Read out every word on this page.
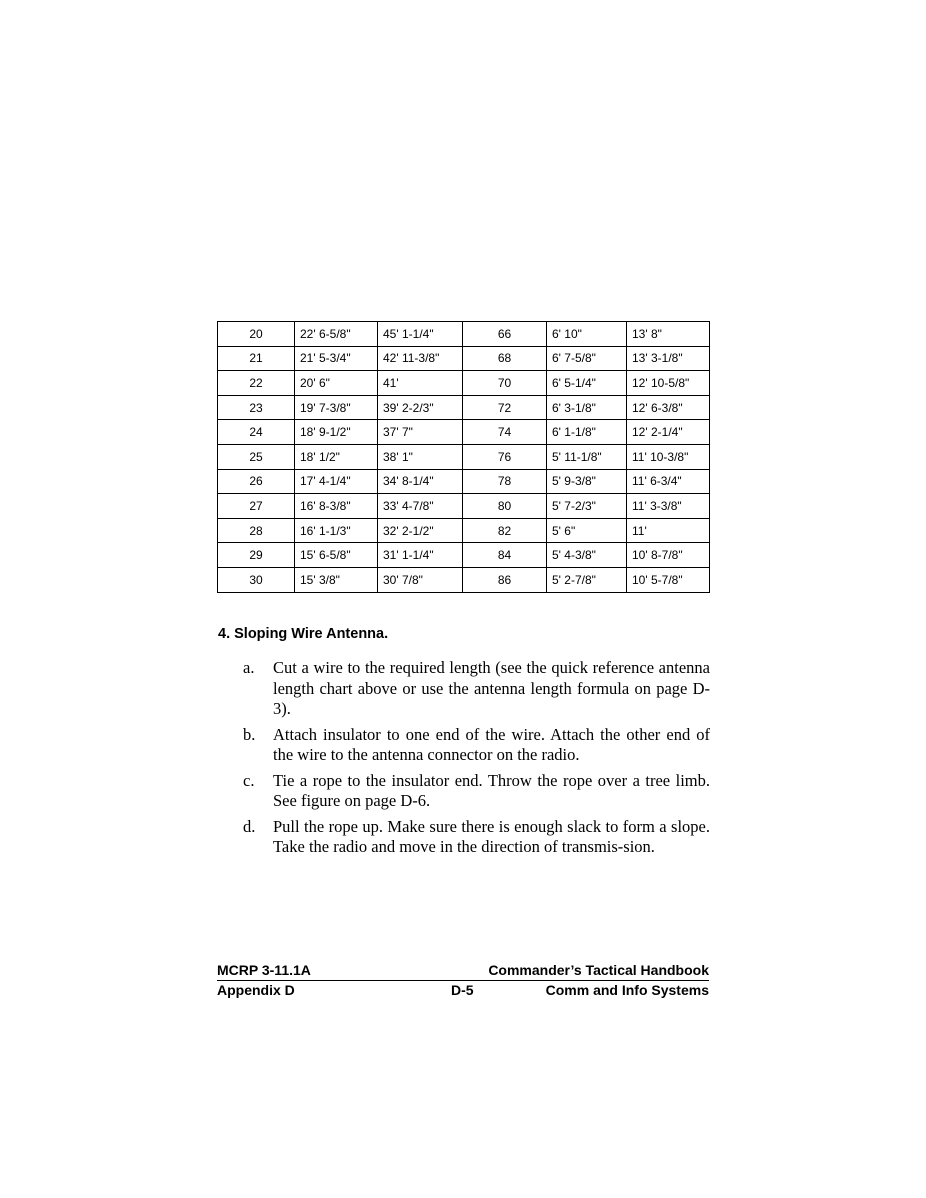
20	22' 6-5/8"	45' 1-1/4"	66	6' 10"	13' 8"
21	21' 5-3/4"	42' 11-3/8"	68	6' 7-5/8"	13' 3-1/8"
22	20' 6"	41'	70	6' 5-1/4"	12' 10-5/8"
23	19' 7-3/8"	39' 2-2/3"	72	6' 3-1/8"	12' 6-3/8"
24	18' 9-1/2"	37' 7"	74	6' 1-1/8"	12' 2-1/4"
25	18' 1/2"	38' 1"	76	5' 11-1/8"	11' 10-3/8"
26	17' 4-1/4"	34' 8-1/4"	78	5' 9-3/8"	11' 6-3/4"
27	16' 8-3/8"	33' 4-7/8"	80	5' 7-2/3"	11' 3-3/8"
28	16' 1-1/3"	32' 2-1/2"	82	5' 6"	11'
29	15' 6-5/8"	31' 1-1/4"	84	5' 4-3/8"	10' 8-7/8"
30	15' 3/8"	30' 7/8"	86	5' 2-7/8"	10' 5-7/8"
4. Sloping Wire Antenna.
a. Cut a wire to the required length (see the quick reference antenna length chart above or use the antenna length formula on page D-3).
b. Attach insulator to one end of the wire. Attach the other end of the wire to the antenna connector on the radio.
c. Tie a rope to the insulator end. Throw the rope over a tree limb. See figure on page D-6.
d. Pull the rope up. Make sure there is enough slack to form a slope. Take the radio and move in the direction of transmis-sion.
MCRP 3-11.1A	Commander’s Tactical Handbook
Appendix D	D-5	Comm and Info Systems
